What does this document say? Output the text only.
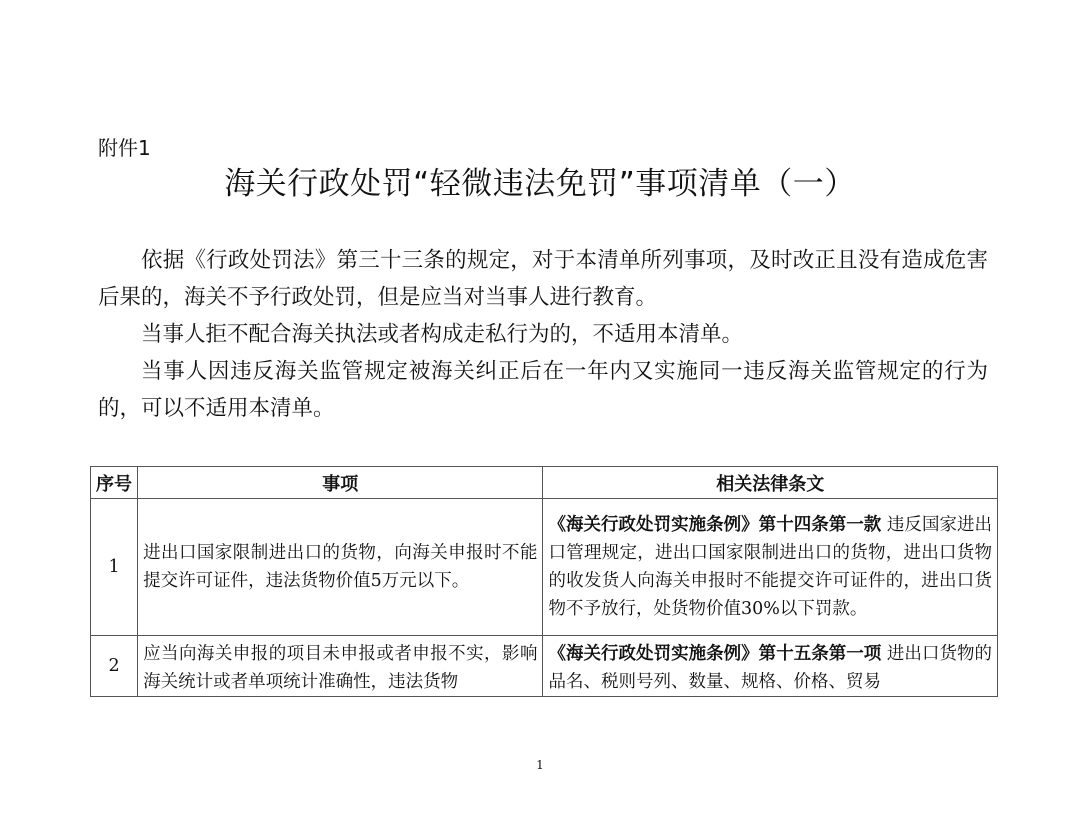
附件1
海关行政处罚“轻微违法免罚”事项清单（一）

依据《行政处罚法》第三十三条的规定，对于本清单所列事项，及时改正且没有造成危害后果的，海关不予行政处罚，但是应当对当事人进行教育。

当事人拒不配合海关执法或者构成走私行为的，不适用本清单。

当事人因违反海关监管规定被海关纠正后在一年内又实施同一违反海关监管规定的行为的，可以不适用本清单。

序号	事项	相关法律条文
1	进出口国家限制进出口的货物，向海关申报时不能提交许可证件，违法货物价值5万元以下。	《海关行政处罚实施条例》第十四条第一款 违反国家进出口管理规定，进出口国家限制进出口的货物，进出口货物的收发货人向海关申报时不能提交许可证件的，进出口货物不予放行，处货物价值30%以下罚款。
2	应当向海关申报的项目未申报或者申报不实，影响海关统计或者单项统计准确性，违法货物	《海关行政处罚实施条例》第十五条第一项 进出口货物的品名、税则号列、数量、规格、价格、贸易
1
